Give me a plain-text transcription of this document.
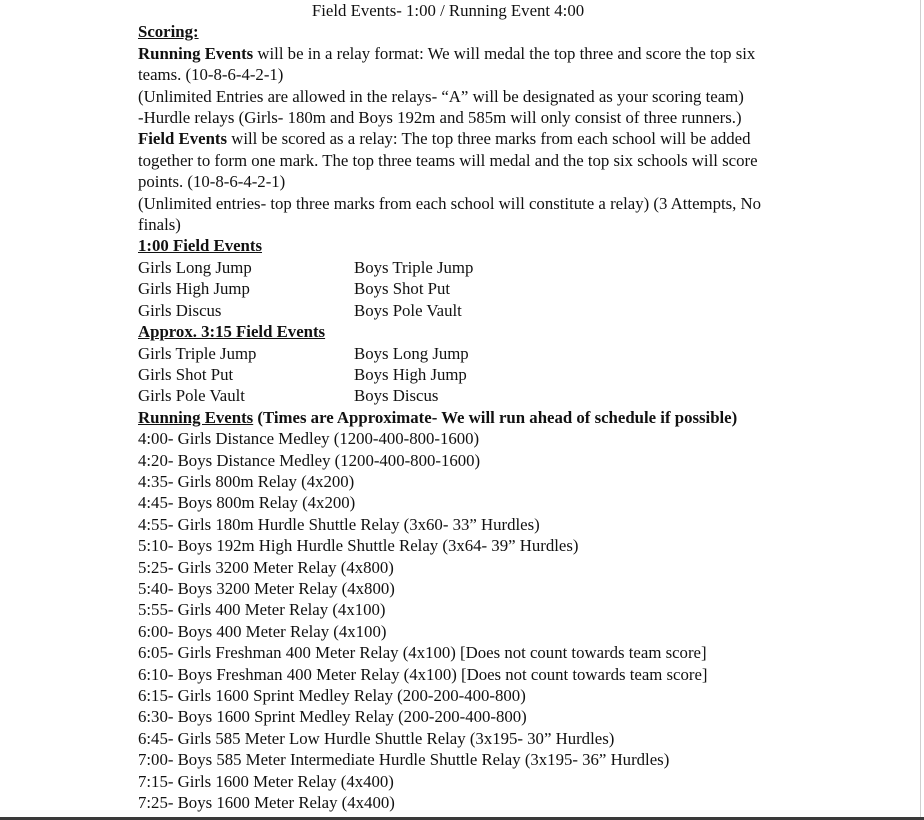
Field Events- 1:00 / Running Event 4:00
Scoring:
Running Events will be in a relay format: We will medal the top three and score the top six teams. (10-8-6-4-2-1)
(Unlimited Entries are allowed in the relays- “A” will be designated as your scoring team)
-Hurdle relays (Girls- 180m and Boys 192m and 585m will only consist of three runners.)
Field Events will be scored as a relay: The top three marks from each school will be added together to form one mark. The top three teams will medal and the top six schools will score points. (10-8-6-4-2-1)
(Unlimited entries- top three marks from each school will constitute a relay) (3 Attempts, No finals)
1:00 Field Events
Girls Long Jump	Boys Triple Jump
Girls High Jump	Boys Shot Put
Girls Discus	Boys Pole Vault
Approx. 3:15 Field Events
Girls Triple Jump	Boys Long Jump
Girls Shot Put	Boys High Jump
Girls Pole Vault	Boys Discus
Running Events (Times are Approximate- We will run ahead of schedule if possible)
4:00- Girls Distance Medley (1200-400-800-1600)
4:20- Boys Distance Medley (1200-400-800-1600)
4:35- Girls 800m Relay (4x200)
4:45- Boys 800m Relay (4x200)
4:55- Girls 180m Hurdle Shuttle Relay (3x60- 33” Hurdles)
5:10- Boys 192m High Hurdle Shuttle Relay (3x64- 39” Hurdles)
5:25- Girls 3200 Meter Relay (4x800)
5:40- Boys 3200 Meter Relay (4x800)
5:55- Girls 400 Meter Relay (4x100)
6:00- Boys 400 Meter Relay (4x100)
6:05- Girls Freshman 400 Meter Relay (4x100) [Does not count towards team score]
6:10- Boys Freshman 400 Meter Relay (4x100) [Does not count towards team score]
6:15- Girls 1600 Sprint Medley Relay (200-200-400-800)
6:30- Boys 1600 Sprint Medley Relay (200-200-400-800)
6:45- Girls 585 Meter Low Hurdle Shuttle Relay (3x195- 30” Hurdles)
7:00- Boys 585 Meter Intermediate Hurdle Shuttle Relay (3x195- 36” Hurdles)
7:15- Girls 1600 Meter Relay (4x400)
7:25- Boys 1600 Meter Relay (4x400)
